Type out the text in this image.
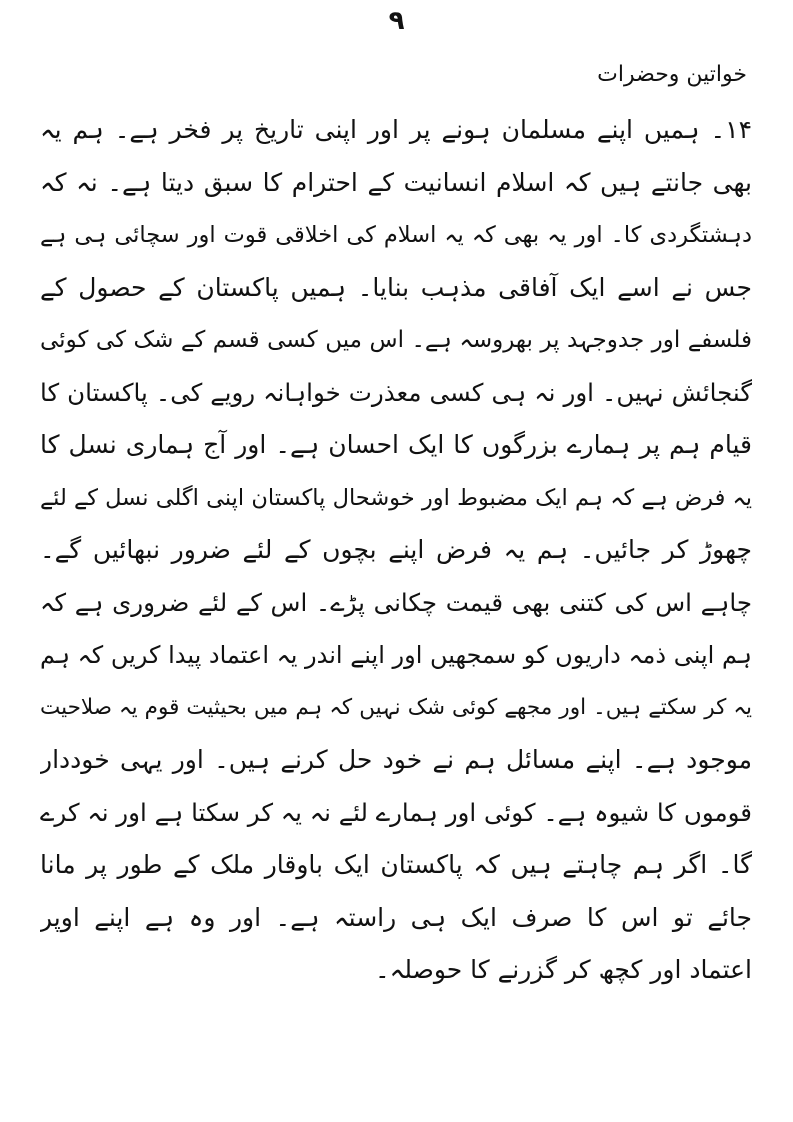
۹
خواتین وحضرات
۱۴۔ ہمیں اپنے مسلمان ہونے پر اور اپنی تاریخ پر فخر ہے۔ ہم یہ
بھی جانتے ہیں کہ اسلام انسانیت کے احترام کا سبق دیتا ہے۔ نہ کہ
دہشتگردی کا۔ اور یہ بھی کہ یہ اسلام کی اخلاقی قوت اور سچائی ہی ہے
جس نے اسے ایک آفاقی مذہب بنایا۔ ہمیں پاکستان کے حصول کے
فلسفے اور جدوجہد پر بھروسہ ہے۔ اس میں کسی قسم کے شک کی کوئی
گنجائش نہیں۔ اور نہ ہی کسی معذرت خواہانہ رویے کی۔ پاکستان کا
قیام ہم پر ہمارے بزرگوں کا ایک احسان ہے۔ اور آج ہماری نسل کا
یہ فرض ہے کہ ہم ایک مضبوط اور خوشحال پاکستان اپنی اگلی نسل کے لئے
چھوڑ کر جائیں۔ ہم یہ فرض اپنے بچوں کے لئے ضرور نبھائیں گے۔
چاہے اس کی کتنی بھی قیمت چکانی پڑے۔ اس کے لئے ضروری ہے کہ
ہم اپنی ذمہ داریوں کو سمجھیں اور اپنے اندر یہ اعتماد پیدا کریں کہ ہم
یہ کر سکتے ہیں۔ اور مجھے کوئی شک نہیں کہ ہم میں بحیثیت قوم یہ صلاحیت
موجود ہے۔ اپنے مسائل ہم نے خود حل کرنے ہیں۔ اور یہی خوددار
قوموں کا شیوہ ہے۔ کوئی اور ہمارے لئے نہ یہ کر سکتا ہے اور نہ کرے
گا۔ اگر ہم چاہتے ہیں کہ پاکستان ایک باوقار ملک کے طور پر مانا
جائے تو اس کا صرف ایک ہی راستہ ہے۔ اور وہ ہے اپنے اوپر
اعتماد اور کچھ کر گزرنے کا حوصلہ۔
